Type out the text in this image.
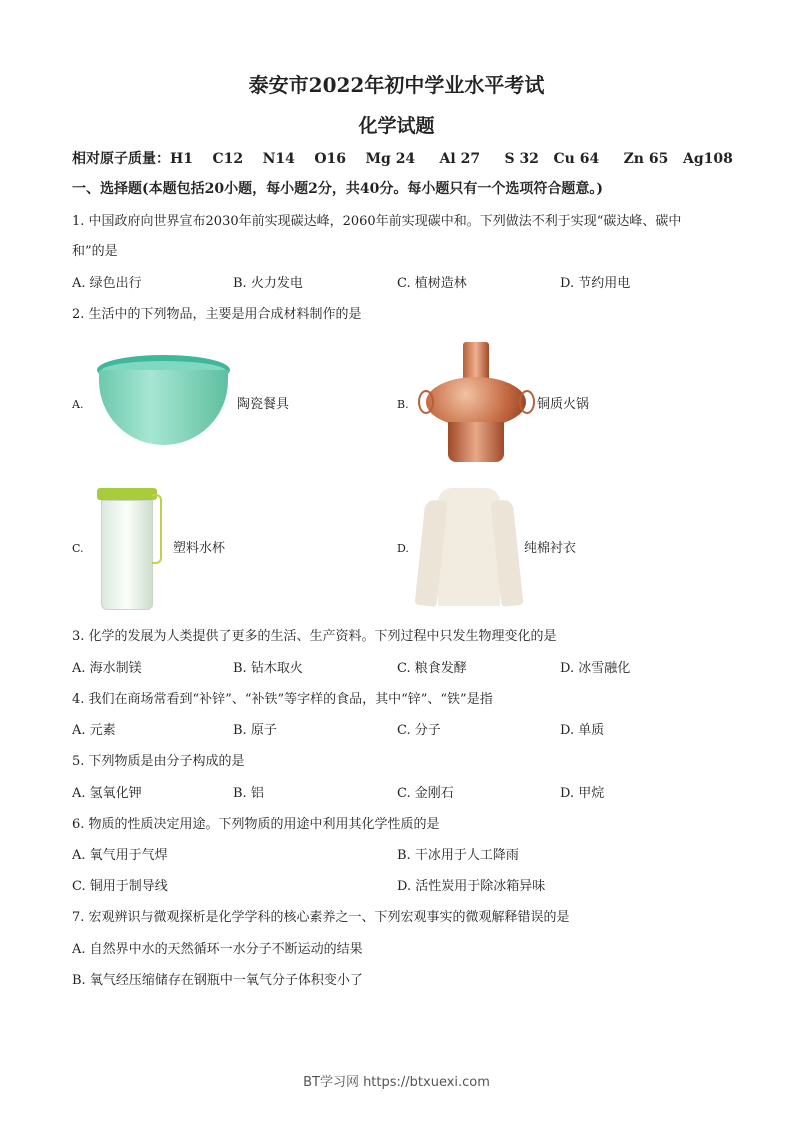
泰安市2022年初中学业水平考试
化学试题
相对原子质量：H1    C12    N14    O16    Mg 24     Al 27     S 32   Cu 64     Zn 65   Ag108
一、选择题(本题包括20小题，每小题2分，共40分。每小题只有一个选项符合题意。)
1. 中国政府向世界宣布2030年前实现碳达峰，2060年前实现碳中和。下列做法不利于实现“碳达峰、碳中
和”的是
A. 绿色出行	B. 火力发电	C. 植树造林	D. 节约用电
2. 生活中的下列物品，主要是用合成材料制作的是
A.	陶瓷餐具	B.	铜质火锅
C.	塑料水杯	D.	纯棉衬衣
3. 化学的发展为人类提供了更多的生活、生产资料。下列过程中只发生物理变化的是
A. 海水制镁	B. 钻木取火	C. 粮食发酵	D. 冰雪融化
4. 我们在商场常看到“补锌”、“补铁”等字样的食品，其中“锌”、“铁”是指
A. 元素	B. 原子	C. 分子	D. 单质
5. 下列物质是由分子构成的是
A. 氢氧化钾	B. 铝	C. 金刚石	D. 甲烷
6. 物质的性质决定用途。下列物质的用途中利用其化学性质的是
A. 氧气用于气焊	B. 干冰用于人工降雨
C. 铜用于制导线	D. 活性炭用于除冰箱异味
7. 宏观辨识与微观探析是化学学科的核心素养之一、下列宏观事实的微观解释错误的是
A. 自然界中水的天然循环一水分子不断运动的结果
B. 氧气经压缩储存在钢瓶中一氧气分子体积变小了
BT学习网 https://btxuexi.com
